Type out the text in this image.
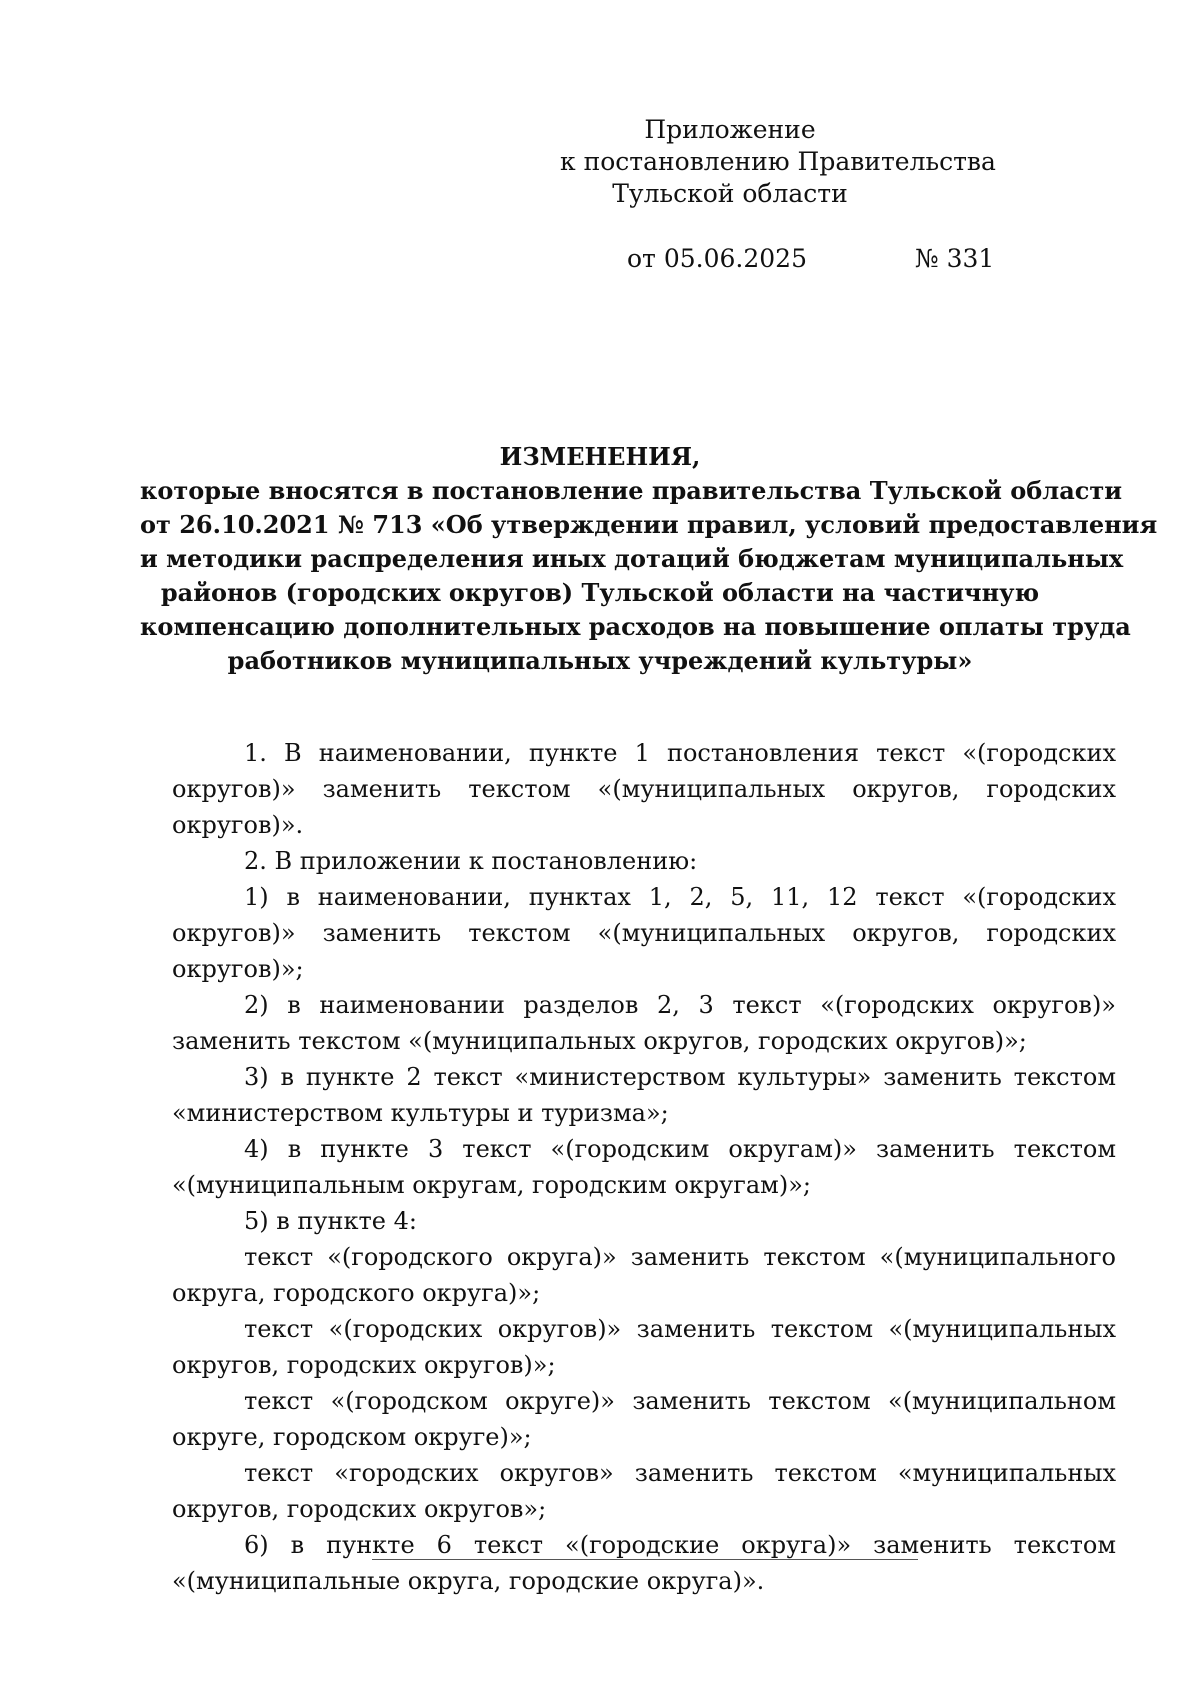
Приложение
к постановлению Правительства
Тульской области
от 05.06.2025	№ 331
ИЗМЕНЕНИЯ,
которые вносятся в постановление правительства Тульской области
от 26.10.2021 № 713 «Об утверждении правил, условий предоставления
и методики распределения иных дотаций бюджетам муниципальных
районов (городских округов) Тульской области на частичную
компенсацию дополнительных расходов на повышение оплаты труда
работников муниципальных учреждений культуры»

1. В наименовании, пункте 1 постановления текст «(городских округов)» заменить текстом «(муниципальных округов, городских округов)».

2. В приложении к постановлению:

1) в наименовании, пунктах 1, 2, 5, 11, 12 текст «(городских округов)» заменить текстом «(муниципальных округов, городских округов)»;

2) в наименовании разделов 2, 3 текст «(городских округов)» заменить текстом «(муниципальных округов, городских округов)»;

3) в пункте 2 текст «министерством культуры» заменить текстом «министерством культуры и туризма»;

4) в пункте 3 текст «(городским округам)» заменить текстом «(муниципальным округам, городским округам)»;

5) в пункте 4:

текст «(городского округа)» заменить текстом «(муниципального округа, городского округа)»;

текст «(городских округов)» заменить текстом «(муниципальных округов, городских округов)»;

текст «(городском округе)» заменить текстом «(муниципальном округе, городском округе)»;

текст «городских округов» заменить текстом «муниципальных округов, городских округов»;

6) в пункте 6 текст «(городские округа)» заменить текстом «(муниципальные округа, городские округа)».
